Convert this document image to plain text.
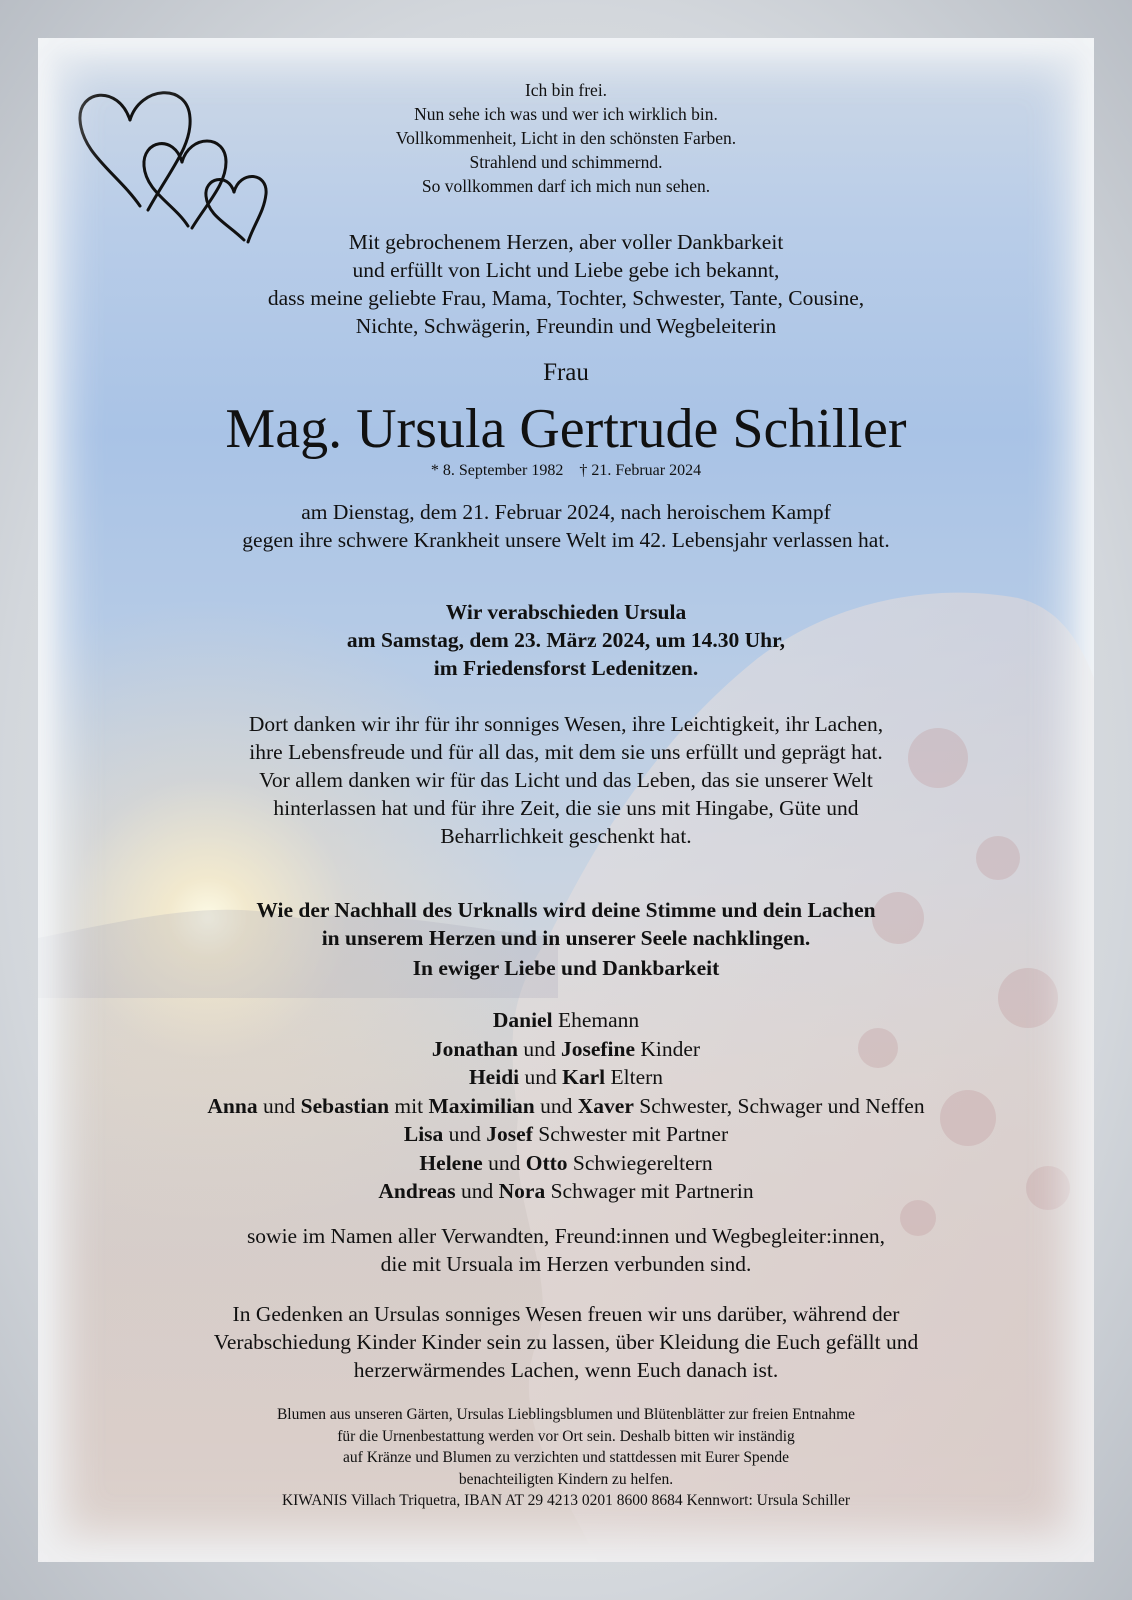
Ich bin frei.

Nun sehe ich was und wer ich wirklich bin.

Vollkommenheit, Licht in den schönsten Farben.

Strahlend und schimmernd.

So vollkommen darf ich mich nun sehen.

Mit gebrochenem Herzen, aber voller Dankbarkeit

und erfüllt von Licht und Liebe gebe ich bekannt,

dass meine geliebte Frau, Mama, Tochter, Schwester, Tante, Cousine,

Nichte, Schwägerin, Freundin und Wegbeleiterin

Frau

Mag. Ursula Gertrude Schiller

* 8. September 1982 † 21. Februar 2024

am Dienstag, dem 21. Februar 2024, nach heroischem Kampf

gegen ihre schwere Krankheit unsere Welt im 42. Lebensjahr verlassen hat.

Wir verabschieden Ursula

am Samstag, dem 23. März 2024, um 14.30 Uhr,

im Friedensforst Ledenitzen.

Dort danken wir ihr für ihr sonniges Wesen, ihre Leichtigkeit, ihr Lachen,

ihre Lebensfreude und für all das, mit dem sie uns erfüllt und geprägt hat.

Vor allem danken wir für das Licht und das Leben, das sie unserer Welt

hinterlassen hat und für ihre Zeit, die sie uns mit Hingabe, Güte und

Beharrlichkeit geschenkt hat.

Wie der Nachhall des Urknalls wird deine Stimme und dein Lachen

in unserem Herzen und in unserer Seele nachklingen.

In ewiger Liebe und Dankbarkeit

Daniel Ehemann

Jonathan und Josefine Kinder

Heidi und Karl Eltern

Anna und Sebastian mit Maximilian und Xaver Schwester, Schwager und Neffen

Lisa und Josef Schwester mit Partner

Helene und Otto Schwiegereltern

Andreas und Nora Schwager mit Partnerin

sowie im Namen aller Verwandten, Freund:innen und Wegbegleiter:innen,

die mit Ursuala im Herzen verbunden sind.

In Gedenken an Ursulas sonniges Wesen freuen wir uns darüber, während der

Verabschiedung Kinder Kinder sein zu lassen, über Kleidung die Euch gefällt und

herzerwärmendes Lachen, wenn Euch danach ist.

Blumen aus unseren Gärten, Ursulas Lieblingsblumen und Blütenblätter zur freien Entnahme

für die Urnenbestattung werden vor Ort sein. Deshalb bitten wir inständig

auf Kränze und Blumen zu verzichten und stattdessen mit Eurer Spende

benachteiligten Kindern zu helfen.

KIWANIS Villach Triquetra, IBAN AT 29 4213 0201 8600 8684 Kennwort: Ursula Schiller
